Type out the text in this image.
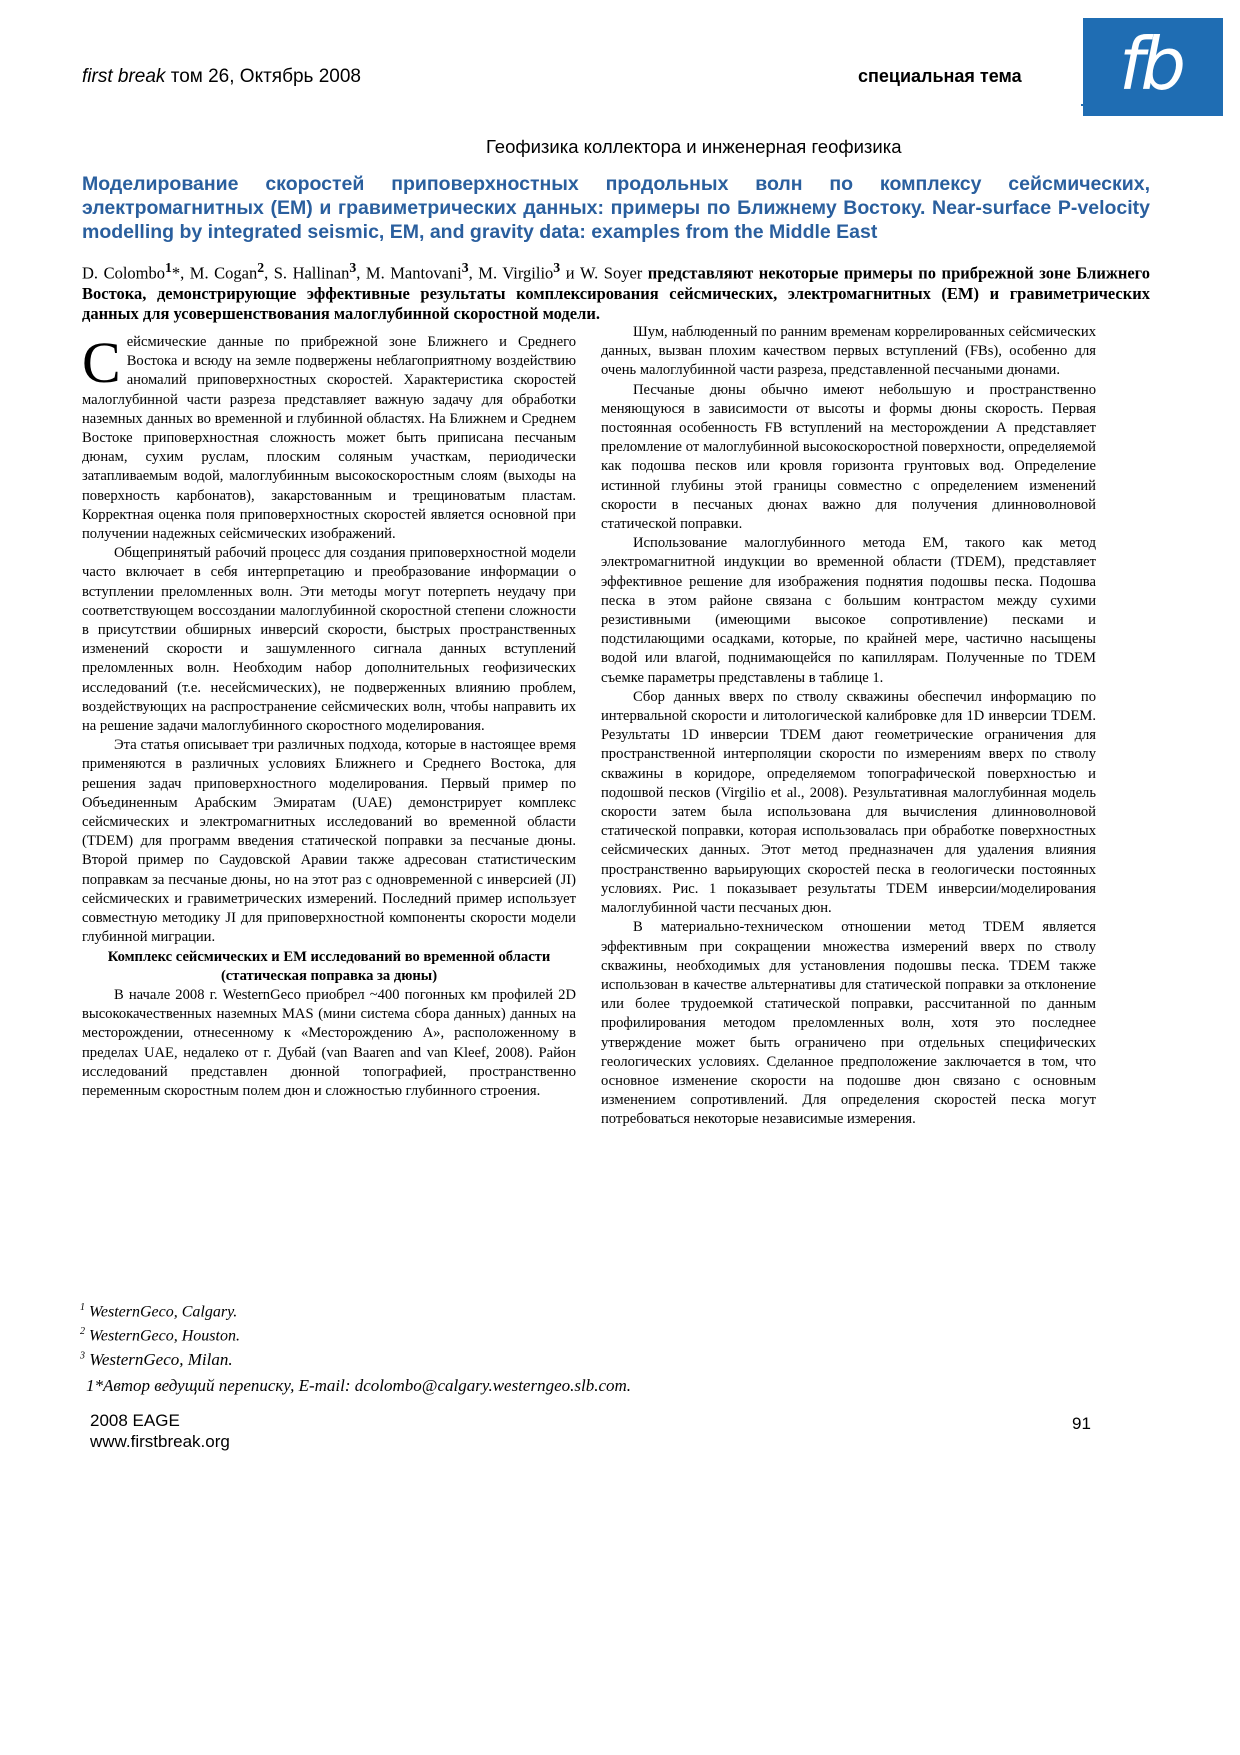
first break том 26, Октябрь 2008	специальная тема fb
Геофизика коллектора и инженерная геофизика
Моделирование скоростей приповерхностных продольных волн по комплексу сейсмических, электромагнитных (ЕМ) и гравиметрических данных: примеры по Ближнему Востоку. Near-surface P-velocity modelling by integrated seismic, EM, and gravity data: examples from the Middle East
D. Colombo$^1$*, M. Cogan$^2$, S. Hallinan$^3$, M. Mantovani$^3$, M. Virgilio$^3$ и W. Soyer представляют некоторые примеры по прибрежной зоне Ближнего Востока, демонстрирующие эффективные результаты комплексирования сейсмических, электромагнитных (ЕМ) и гравиметрических данных для усовершенствования малоглубинной скоростной модели.

Сейсмические данные по прибрежной зоне Ближнего и Среднего Востока и всюду на земле подвержены неблагоприятному воздействию аномалий приповерхностных скоростей. Характеристика скоростей малоглубинной части разреза представляет важную задачу для обработки наземных данных во временной и глубинной областях. На Ближнем и Среднем Востоке приповерхностная сложность может быть приписана песчаным дюнам, сухим руслам, плоским соляным участкам, периодически затапливаемым водой, малоглубинным высокоскоростным слоям (выходы на поверхность карбонатов), закарстованным и трещиноватым пластам. Корректная оценка поля приповерхностных скоростей является основной при получении надежных сейсмических изображений.

Общепринятый рабочий процесс для создания приповерхностной модели часто включает в себя интерпретацию и преобразование информации о вступлении преломленных волн. Эти методы могут потерпеть неудачу при соответствующем воссоздании малоглубинной скоростной степени сложности в присутствии обширных инверсий скорости, быстрых пространственных изменений скорости и зашумленного сигнала данных вступлений преломленных волн. Необходим набор дополнительных геофизических исследований (т.е. несейсмических), не подверженных влиянию проблем, воздействующих на распространение сейсмических волн, чтобы направить их на решение задачи малоглубинного скоростного моделирования.

Эта статья описывает три различных подхода, которые в настоящее время применяются в различных условиях Ближнего и Среднего Востока, для решения задач приповерхностного моделирования. Первый пример по Объединенным Арабским Эмиратам (UAE) демонстрирует комплекс сейсмических и электромагнитных исследований во временной области (TDEM) для программ введения статической поправки за песчаные дюны. Второй пример по Саудовской Аравии также адресован статистическим поправкам за песчаные дюны, но на этот раз с одновременной с инверсией (JI) сейсмических и гравиметрических измерений. Последний пример использует совместную методику JI для приповерхностной компоненты скорости модели глубинной миграции.

Комплекс сейсмических и ЕМ исследований во временной области (статическая поправка за дюны)

В начале 2008 г. WesternGeco приобрел ~400 погонных км профилей 2D высококачественных наземных MAS (мини система сбора данных) данных на месторождении, отнесенному к «Месторождению А», расположенному в пределах UAE, недалеко от г. Дубай (van Baaren and van Kleef, 2008). Район исследований представлен дюнной топографией, пространственно переменным скоростным полем дюн и сложностью глубинного строения.

Шум, наблюденный по ранним временам коррелированных сейсмических данных, вызван плохим качеством первых вступлений (FBs), особенно для очень малоглубинной части разреза, представленной песчаными дюнами.

Песчаные дюны обычно имеют небольшую и пространственно меняющуюся в зависимости от высоты и формы дюны скорость. Первая постоянная особенность FB вступлений на месторождении А представляет преломление от малоглубинной высокоскоростной поверхности, определяемой как подошва песков или кровля горизонта грунтовых вод. Определение истинной глубины этой границы совместно с определением изменений скорости в песчаных дюнах важно для получения длинноволновой статической поправки.

Использование малоглубинного метода ЕМ, такого как метод электромагнитной индукции во временной области (TDEM), представляет эффективное решение для изображения поднятия подошвы песка. Подошва песка в этом районе связана с большим контрастом между сухими резистивными (имеющими высокое сопротивление) песками и подстилающими осадками, которые, по крайней мере, частично насыщены водой или влагой, поднимающейся по капиллярам. Полученные по TDEM съемке параметры представлены в таблице 1.

Сбор данных вверх по стволу скважины обеспечил информацию по интервальной скорости и литологической калибровке для 1D инверсии TDEM. Результаты 1D инверсии TDEM дают геометрические ограничения для пространственной интерполяции скорости по измерениям вверх по стволу скважины в коридоре, определяемом топографической поверхностью и подошвой песков (Virgilio et al., 2008). Результативная малоглубинная модель скорости затем была использована для вычисления длинноволновой статической поправки, которая использовалась при обработке поверхностных сейсмических данных. Этот метод предназначен для удаления влияния пространственно варьирующих скоростей песка в геологически постоянных условиях. Рис. 1 показывает результаты TDEM инверсии/моделирования малоглубинной части песчаных дюн.

В материально-техническом отношении метод TDEM является эффективным при сокращении множества измерений вверх по стволу скважины, необходимых для установления подошвы песка. TDEM также использован в качестве альтернативы для статической поправки за отклонение или более трудоемкой статической поправки, рассчитанной по данным профилирования методом преломленных волн, хотя это последнее утверждение может быть ограничено при отдельных специфических геологических условиях. Сделанное предположение заключается в том, что основное изменение скорости на подошве дюн связано с основным изменением сопротивлений. Для определения скоростей песка могут потребоваться некоторые независимые измерения.

$^1$ WesternGeco, Calgary.
$^2$ WesternGeco, Houston.
$^3$ WesternGeco, Milan.
1*Автор ведущий переписку, E-mail: dcolombo@calgary.westerngeo.slb.com.
2008 EAGE
www.firstbreak.org
91
